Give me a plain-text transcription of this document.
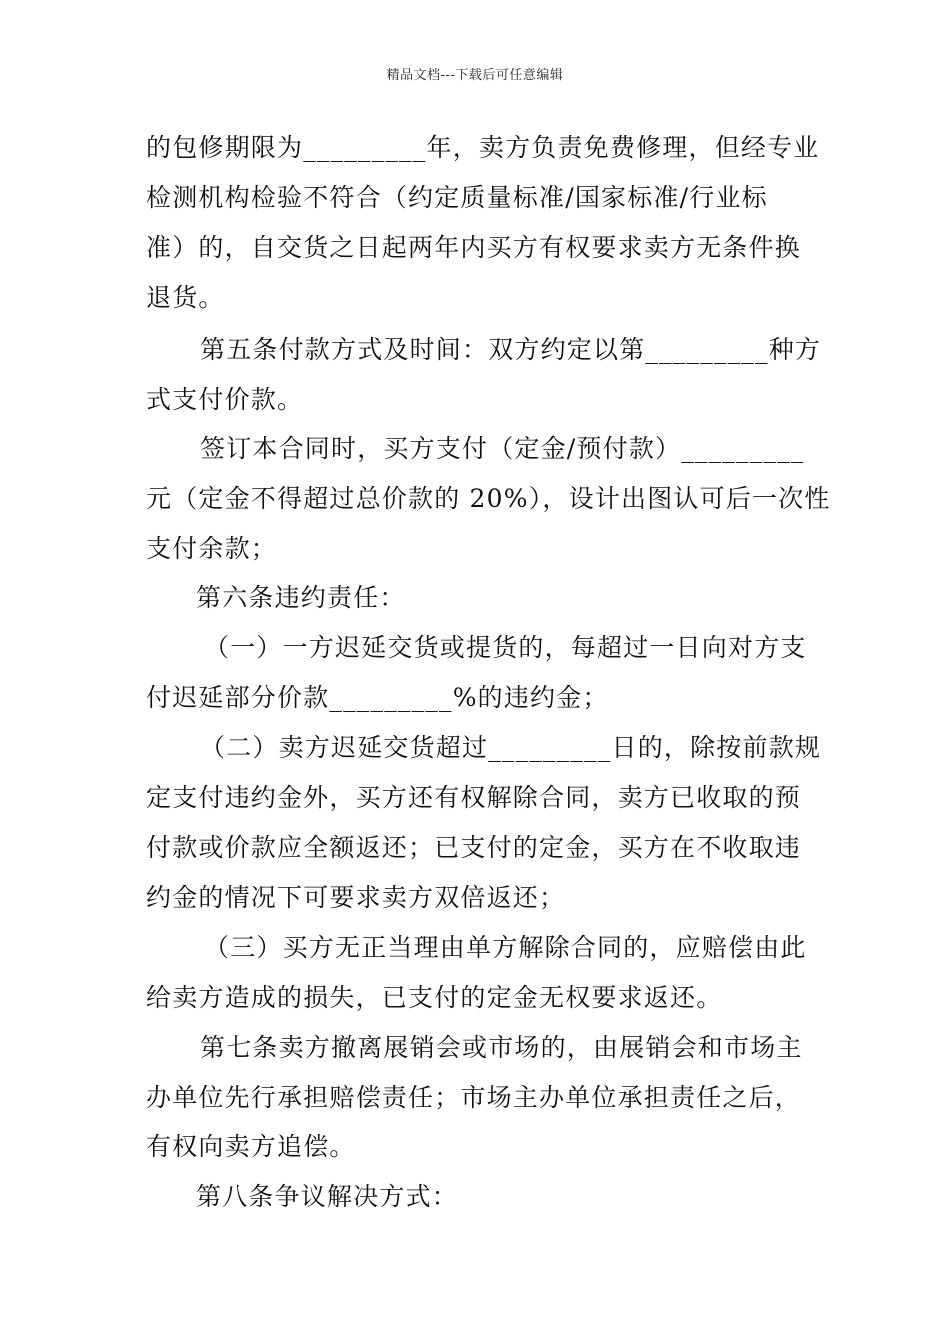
精品文档---下载后可任意编辑
的包修期限为_________年，卖方负责免费修理，但经专业
检测机构检验不符合（约定质量标准/国家标准/行业标
准）的，自交货之日起两年内买方有权要求卖方无条件换
退货。
第五条付款方式及时间：双方约定以第_________种方
式支付价款。
签订本合同时，买方支付（定金/预付款）_________
元（定金不得超过总价款的 20%），设计出图认可后一次性
支付余款；
第六条违约责任：
（一）一方迟延交货或提货的，每超过一日向对方支
付迟延部分价款_________%的违约金；
（二）卖方迟延交货超过_________日的，除按前款规
定支付违约金外，买方还有权解除合同，卖方已收取的预
付款或价款应全额返还；已支付的定金，买方在不收取违
约金的情况下可要求卖方双倍返还；
（三）买方无正当理由单方解除合同的，应赔偿由此
给卖方造成的损失，已支付的定金无权要求返还。
第七条卖方撤离展销会或市场的，由展销会和市场主
办单位先行承担赔偿责任；市场主办单位承担责任之后，
有权向卖方追偿。
第八条争议解决方式：
